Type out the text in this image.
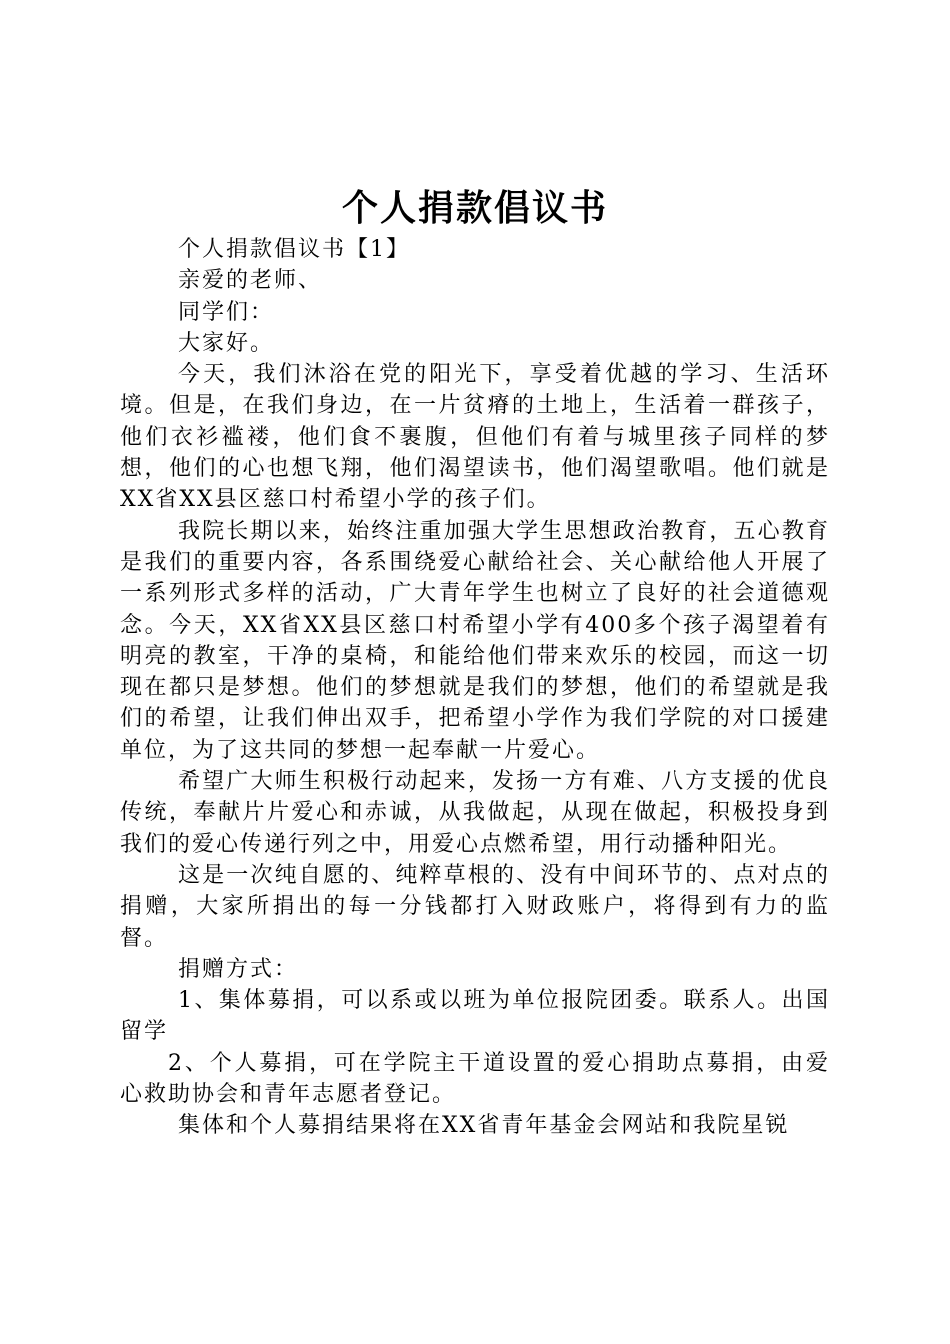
个人捐款倡议书

个人捐款倡议书【1】

亲爱的老师、

同学们：

大家好。

今天，我们沐浴在党的阳光下，享受着优越的学习、生活环境。但是，在我们身边，在一片贫瘠的土地上，生活着一群孩子，他们衣衫褴褛，他们食不裹腹，但他们有着与城里孩子同样的梦想，他们的心也想飞翔，他们渴望读书，他们渴望歌唱。他们就是XX省XX县区慈口村希望小学的孩子们。

我院长期以来，始终注重加强大学生思想政治教育，五心教育是我们的重要内容，各系围绕爱心献给社会、关心献给他人开展了一系列形式多样的活动，广大青年学生也树立了良好的社会道德观念。今天，XX省XX县区慈口村希望小学有400多个孩子渴望着有明亮的教室，干净的桌椅，和能给他们带来欢乐的校园，而这一切现在都只是梦想。他们的梦想就是我们的梦想，他们的希望就是我们的希望，让我们伸出双手，把希望小学作为我们学院的对口援建单位，为了这共同的梦想一起奉献一片爱心。

希望广大师生积极行动起来，发扬一方有难、八方支援的优良传统，奉献片片爱心和赤诚，从我做起，从现在做起，积极投身到我们的爱心传递行列之中，用爱心点燃希望，用行动播种阳光。

这是一次纯自愿的、纯粹草根的、没有中间环节的、点对点的捐赠，大家所捐出的每一分钱都打入财政账户，将得到有力的监督。

捐赠方式：

1、集体募捐，可以系或以班为单位报院团委。联系人。出国留学

2、个人募捐，可在学院主干道设置的爱心捐助点募捐，由爱心救助协会和青年志愿者登记。

集体和个人募捐结果将在XX省青年基金会网站和我院星锐
